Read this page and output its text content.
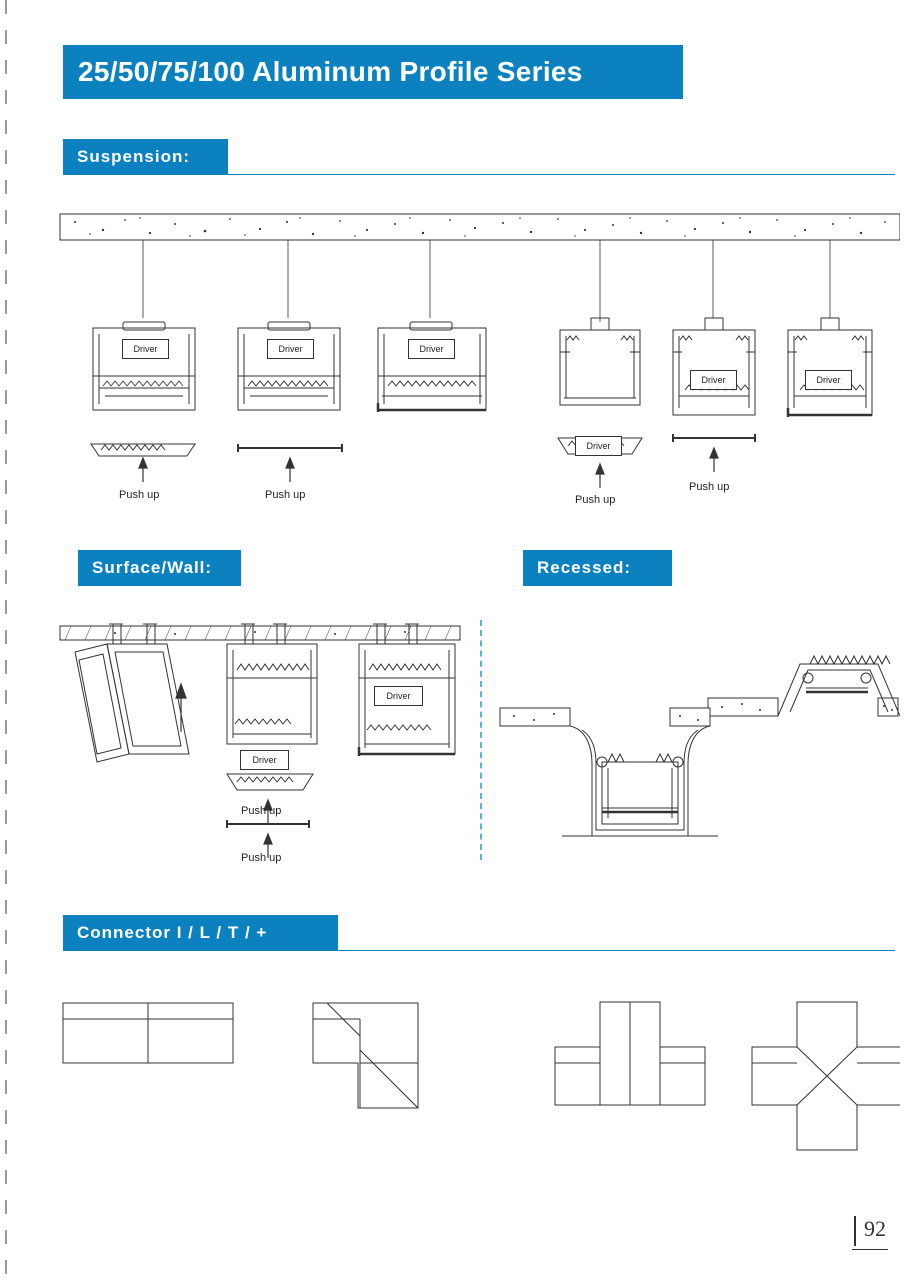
25/50/75/100 Aluminum Profile Series
Suspension:
Driver	Driver	Driver
Driver
Driver	Driver
Push up	Push up	Push up
Push up
Surface/Wall:	Recessed:
Driver
Driver
Push up
Push up
Connector I / L / T / +
92
